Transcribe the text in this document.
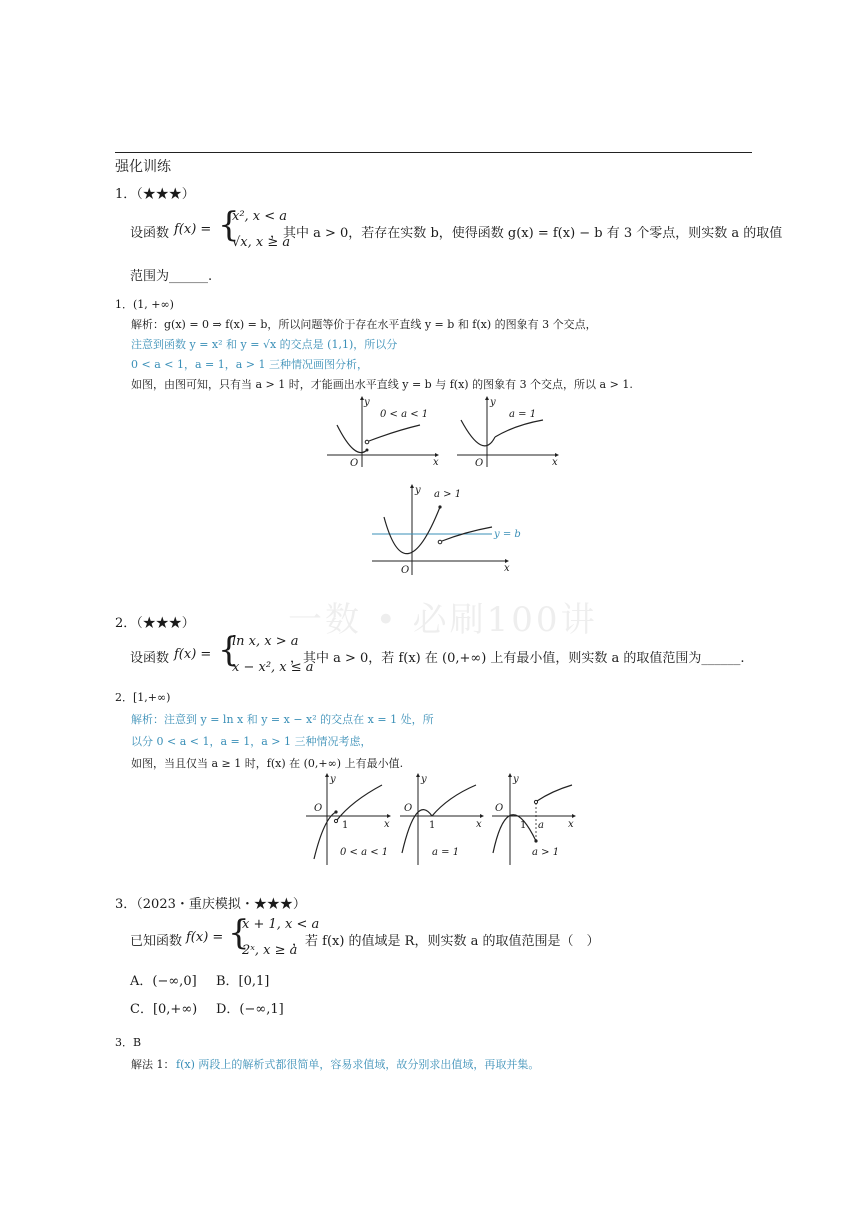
强化训练
一数 • 必刷100讲
1．（★★★）
设函数 f(x) = {
x², x < a
√x, x ≥ a
，其中 a > 0，若存在实数 b，使得函数 g(x) = f(x) − b 有 3 个零点，则实数 a 的取值
范围为______.
1．(1, +∞)
解析：g(x) = 0 ⇒ f(x) = b，所以问题等价于存在水平直线 y = b 和 f(x) 的图象有 3 个交点，
注意到函数 y = x² 和 y = √x 的交点是 (1,1)，所以分
0 < a < 1，a = 1，a > 1 三种情况画图分析，
如图，由图可知，只有当 a > 1 时，才能画出水平直线 y = b 与 f(x) 的图象有 3 个交点，所以 a > 1.
y
x
O
0 < a < 1
y
x
O
a = 1
y
x
O
a > 1
y = b
2．（★★★）
设函数 f(x) = {
ln x, x > a
x − x², x ≤ a
，其中 a > 0，若 f(x) 在 (0,+∞) 上有最小值，则实数 a 的取值范围为______.
2．[1,+∞)
解析：注意到 y = ln x 和 y = x − x² 的交点在 x = 1 处，所
以分 0 < a < 1，a = 1，a > 1 三种情况考虑，
如图，当且仅当 a ≥ 1 时，f(x) 在 (0,+∞) 上有最小值.
y
x
O
1
0 < a < 1
y
x
O
1
a = 1
y
x
O
1 a
a > 1
3．（2023・重庆模拟・★★★）
已知函数 f(x) = {
x + 1, x < a
2ˣ, x ≥ a
，若 f(x) 的值域是 R，则实数 a 的取值范围是（　）
A．(−∞,0] B．[0,1]
C．[0,+∞) D．(−∞,1]
3．B
解法 1： f(x) 两段上的解析式都很简单，容易求值域，故分别求出值域，再取并集。
